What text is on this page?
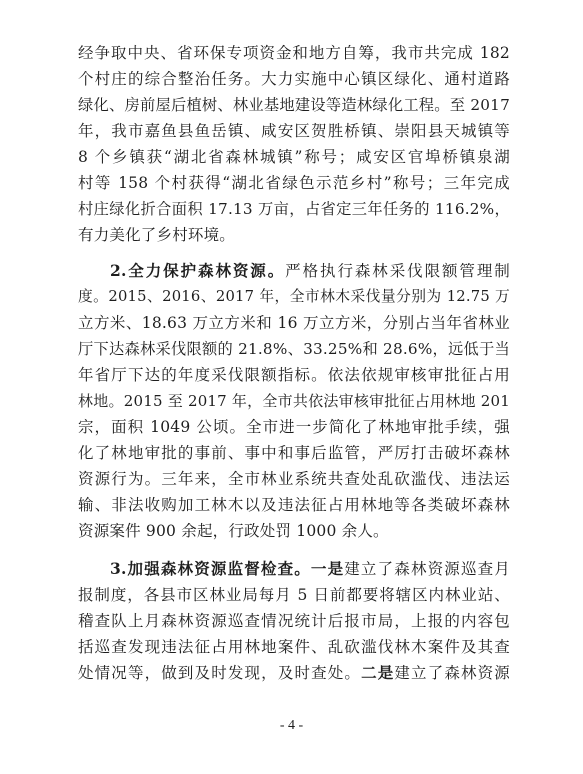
经争取中央、省环保专项资金和地方自筹，我市共完成 182
个村庄的综合整治任务。大力实施中心镇区绿化、通村道路
绿化、房前屋后植树、林业基地建设等造林绿化工程。至 2017
年，我市嘉鱼县鱼岳镇、咸安区贺胜桥镇、崇阳县天城镇等
8 个乡镇获“湖北省森林城镇”称号；咸安区官埠桥镇泉湖
村等 158 个村获得“湖北省绿色示范乡村”称号；三年完成
村庄绿化折合面积 17.13 万亩，占省定三年任务的 116.2%，
有力美化了乡村环境。
2.全力保护森林资源。严格执行森林采伐限额管理制
度。2015、2016、2017 年，全市林木采伐量分别为 12.75 万
立方米、18.63 万立方米和 16 万立方米，分别占当年省林业
厅下达森林采伐限额的 21.8%、33.25%和 28.6%，远低于当
年省厅下达的年度采伐限额指标。依法依规审核审批征占用
林地。2015 至 2017 年，全市共依法审核审批征占用林地 201
宗，面积 1049 公顷。全市进一步简化了林地审批手续，强
化了林地审批的事前、事中和事后监管，严厉打击破坏森林
资源行为。三年来，全市林业系统共查处乱砍滥伐、违法运
输、非法收购加工林木以及违法征占用林地等各类破坏森林
资源案件 900 余起，行政处罚 1000 余人。
3.加强森林资源监督检查。一是建立了森林资源巡查月
报制度，各县市区林业局每月 5 日前都要将辖区内林业站、
稽查队上月森林资源巡查情况统计后报市局，上报的内容包
括巡查发现违法征占用林地案件、乱砍滥伐林木案件及其查
处情况等，做到及时发现，及时查处。二是建立了森林资源
- 4 -
